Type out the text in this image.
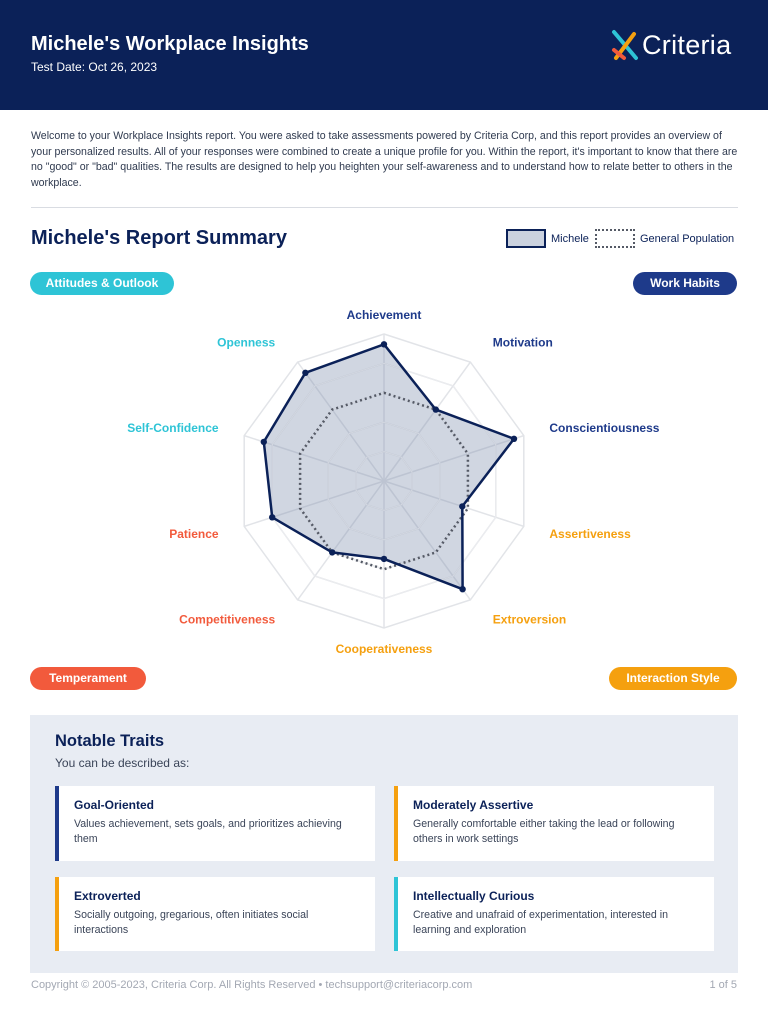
Michele's Workplace Insights
Test Date: Oct 26, 2023
Criteria
Welcome to your Workplace Insights report. You were asked to take assessments powered by Criteria Corp, and this report provides an overview of your personalized results. All of your responses were combined to create a unique profile for you. Within the report, it's important to know that there are no "good" or "bad" qualities. The results are designed to help you heighten your self-awareness and to understand how to relate better to others in the workplace.
Michele's Report Summary	Michele	General Population
Attitudes & Outlook	Work Habits
Temperament	Interaction Style
Achievement
Motivation
Conscientiousness
Assertiveness
Extroversion
Cooperativeness
Competitiveness
Patience
Self-Confidence
Openness
Notable Traits
You can be described as:
Goal-Oriented
Values achievement, sets goals, and prioritizes achieving them
Moderately Assertive
Generally comfortable either taking the lead or following others in work settings
Extroverted
Socially outgoing, gregarious, often initiates social interactions
Intellectually Curious
Creative and unafraid of experimentation, interested in learning and exploration
Copyright © 2005-2023, Criteria Corp. All Rights Reserved • techsupport@criteriacorp.com	1 of 5
